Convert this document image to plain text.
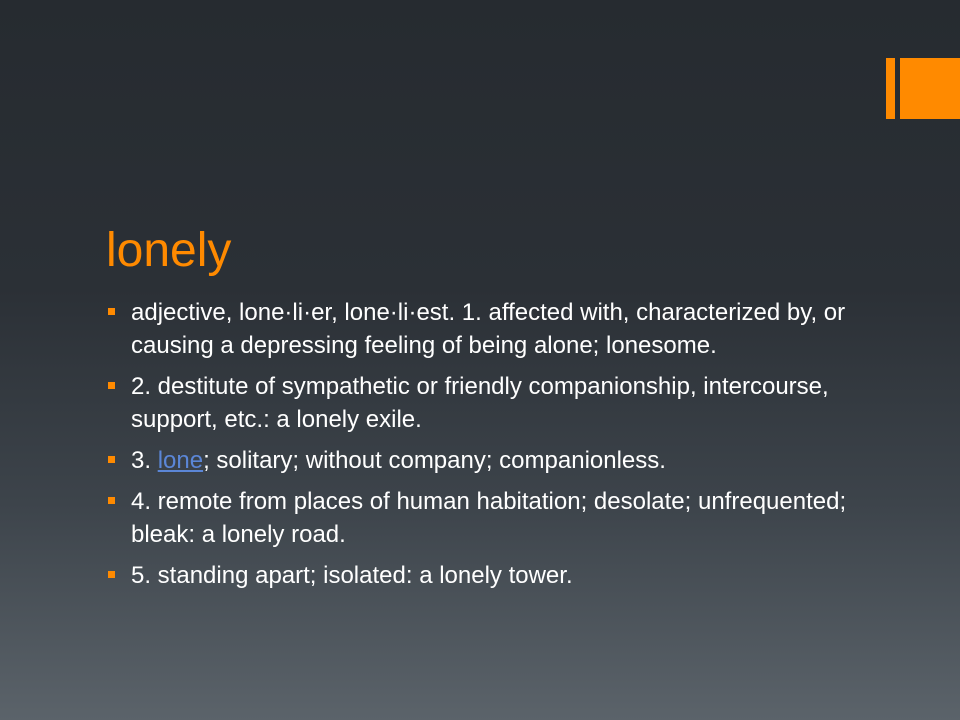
lonely
adjective, lone·li·er, lone·li·est. 1. affected with, characterized by, or causing a depressing feeling of being alone; lonesome.
2. destitute of sympathetic or friendly companionship, intercourse, support, etc.: a lonely exile.
3. lone; solitary; without company; companionless.
4. remote from places of human habitation; desolate; unfrequented; bleak: a lonely road.
5. standing apart; isolated: a lonely tower.
